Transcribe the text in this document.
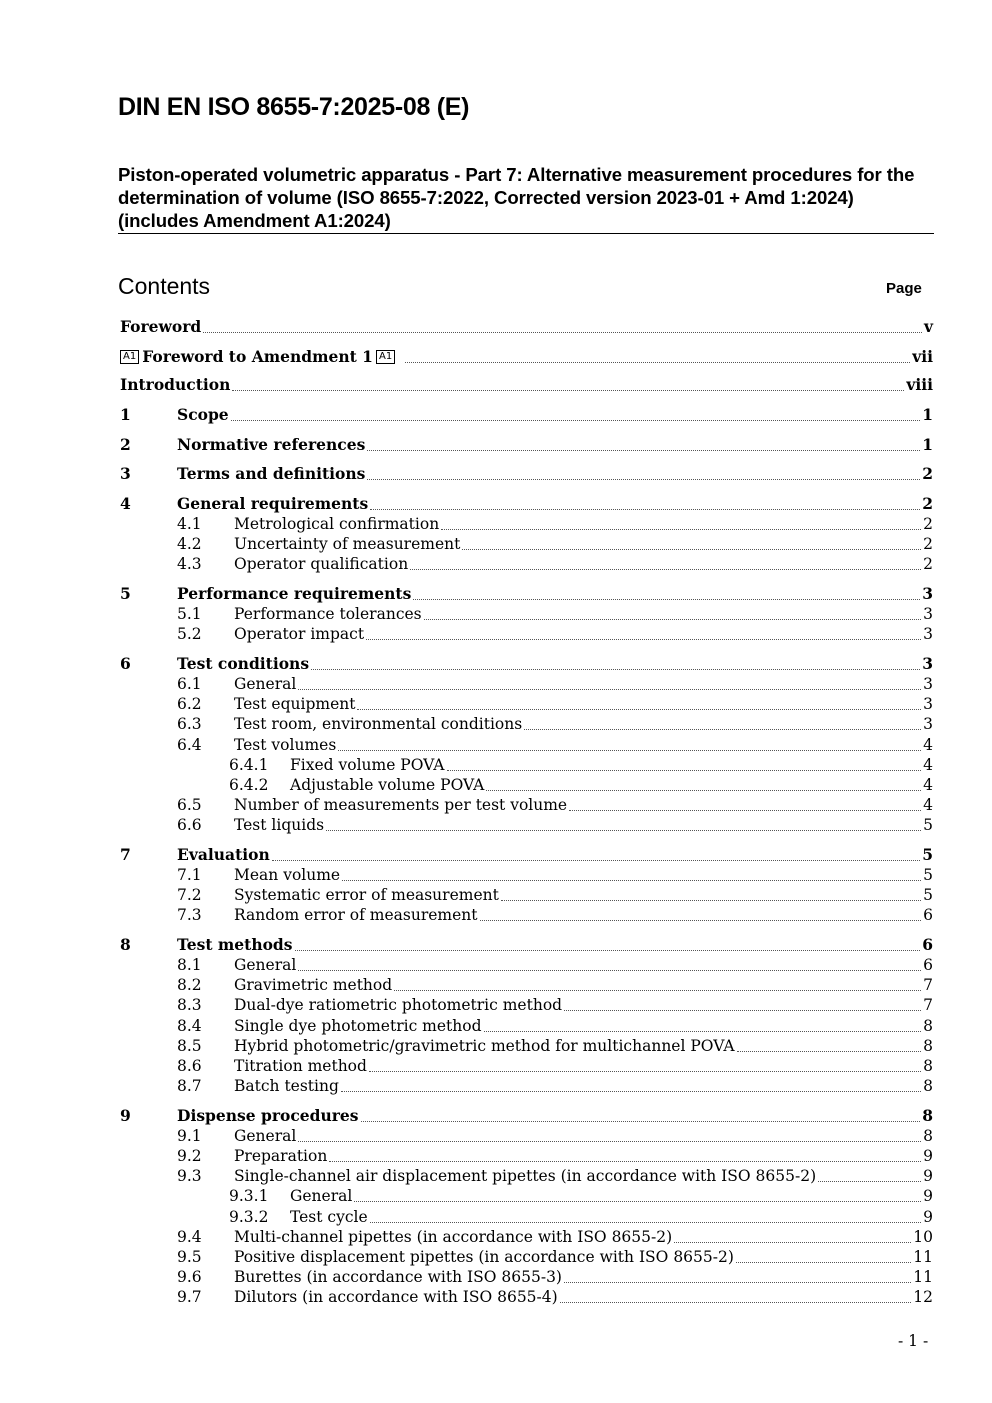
DIN EN ISO 8655-7:2025-08 (E)
Piston-operated volumetric apparatus - Part 7: Alternative measurement procedures for the determination of volume (ISO 8655-7:2022, Corrected version 2023-01 + Amd 1:2024) (includes Amendment A1:2024)
Contents	Page
Foreword	v
A1 Foreword to Amendment 1 A1	vii
Introduction	viii
1	Scope	1
2	Normative references	1
3	Terms and definitions	2
4	General requirements	2
4.1	Metrological confirmation	2
4.2	Uncertainty of measurement	2
4.3	Operator qualification	2
5	Performance requirements	3
5.1	Performance tolerances	3
5.2	Operator impact	3
6	Test conditions	3
6.1	General	3
6.2	Test equipment	3
6.3	Test room, environmental conditions	3
6.4	Test volumes	4
6.4.1	Fixed volume POVA	4
6.4.2	Adjustable volume POVA	4
6.5	Number of measurements per test volume	4
6.6	Test liquids	5
7	Evaluation	5
7.1	Mean volume	5
7.2	Systematic error of measurement	5
7.3	Random error of measurement	6
8	Test methods	6
8.1	General	6
8.2	Gravimetric method	7
8.3	Dual-dye ratiometric photometric method	7
8.4	Single dye photometric method	8
8.5	Hybrid photometric/gravimetric method for multichannel POVA	8
8.6	Titration method	8
8.7	Batch testing	8
9	Dispense procedures	8
9.1	General	8
9.2	Preparation	9
9.3	Single-channel air displacement pipettes (in accordance with ISO 8655-2)	9
9.3.1	General	9
9.3.2	Test cycle	9
9.4	Multi-channel pipettes (in accordance with ISO 8655-2)	10
9.5	Positive displacement pipettes (in accordance with ISO 8655-2)	11
9.6	Burettes (in accordance with ISO 8655-3)	11
9.7	Dilutors (in accordance with ISO 8655-4)	12
- 1 -
